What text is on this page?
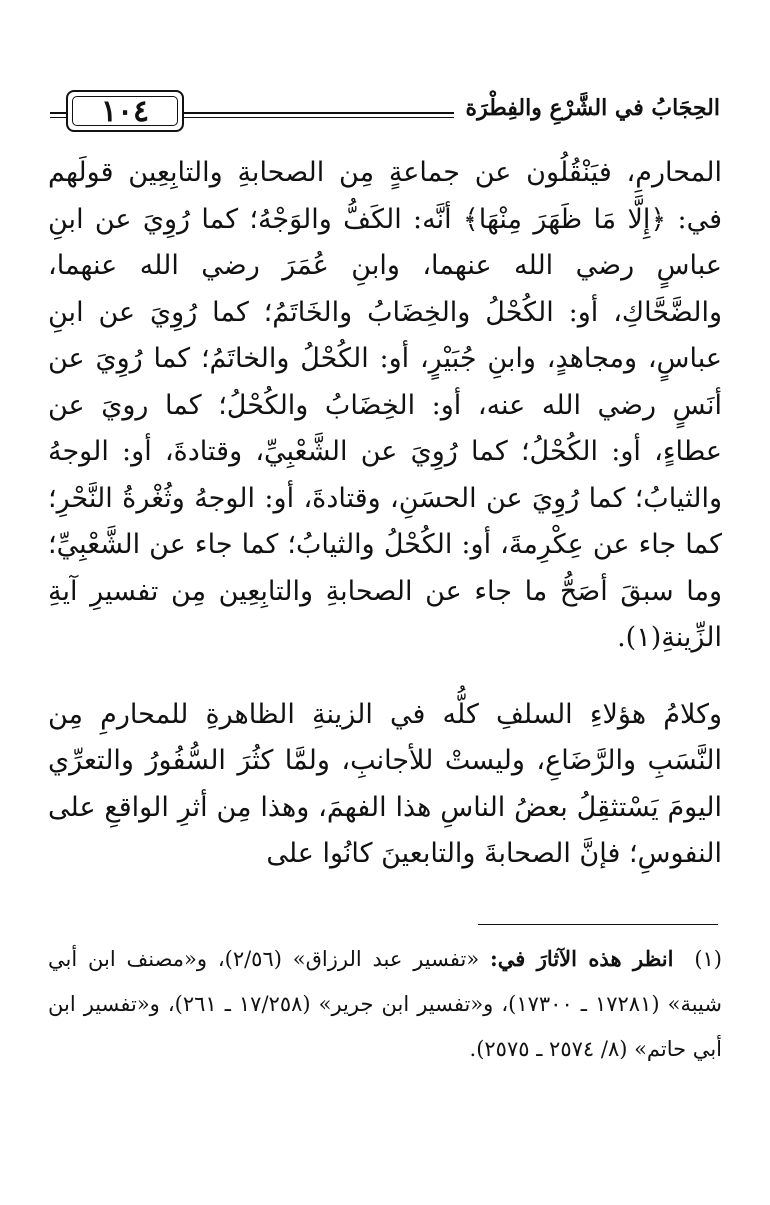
١٠٤	الحِجَابُ في الشَّرْعِ والفِطْرَة

المحارمِ، فيَنْقُلُون عن جماعةٍ مِن الصحابةِ والتابِعِين قولَهم في: ﴿إِلَّا مَا ظَهَرَ مِنْهَا﴾ أنَّه: الكَفُّ والوَجْهُ؛ كما رُوِيَ عن ابنِ عباسٍ رضي الله عنهما، وابنِ عُمَرَ رضي الله عنهما، والضَّحَّاكِ، أو: الكُحْلُ والخِضَابُ والخَاتَمُ؛ كما رُوِيَ عن ابنِ عباسٍ، ومجاهدٍ، وابنِ جُبَيْرٍ، أو: الكُحْلُ والخاتَمُ؛ كما رُوِيَ عن أنَسٍ رضي الله عنه، أو: الخِضَابُ والكُحْلُ؛ كما رويَ عن عطاءٍ، أو: الكُحْلُ؛ كما رُوِيَ عن الشَّعْبِيِّ، وقتادةَ، أو: الوجهُ والثيابُ؛ كما رُوِيَ عن الحسَنِ، وقتادةَ، أو: الوجهُ وثُغْرةُ النَّحْرِ؛ كما جاء عن عِكْرِمةَ، أو: الكُحْلُ والثيابُ؛ كما جاء عن الشَّعْبِيِّ؛ وما سبقَ أصَحُّ ما جاء عن الصحابةِ والتابِعِين مِن تفسيرِ آيةِ الزِّينةِ(١).

وكلامُ هؤلاءِ السلفِ كلُّه في الزينةِ الظاهرةِ للمحارمِ مِن النَّسَبِ والرَّضَاعِ، وليستْ للأجانبِ، ولمَّا كثُرَ السُّفُورُ والتعرِّي اليومَ يَسْتثقِلُ بعضُ الناسِ هذا الفهمَ، وهذا مِن أثرِ الواقعِ على النفوسِ؛ فإنَّ الصحابةَ والتابعينَ كانُوا على

(١) انظر هذه الآثارَ في: «تفسير عبد الرزاق» (٢/٥٦)، و«مصنف ابن أبي شيبة» (١٧٢٨١ ـ ١٧٣٠٠)، و«تفسير ابن جرير» (١٧/٢٥٨ ـ ٢٦١)، و«تفسير ابن أبي حاتم» (٨/ ٢٥٧٤ ـ ٢٥٧٥).
